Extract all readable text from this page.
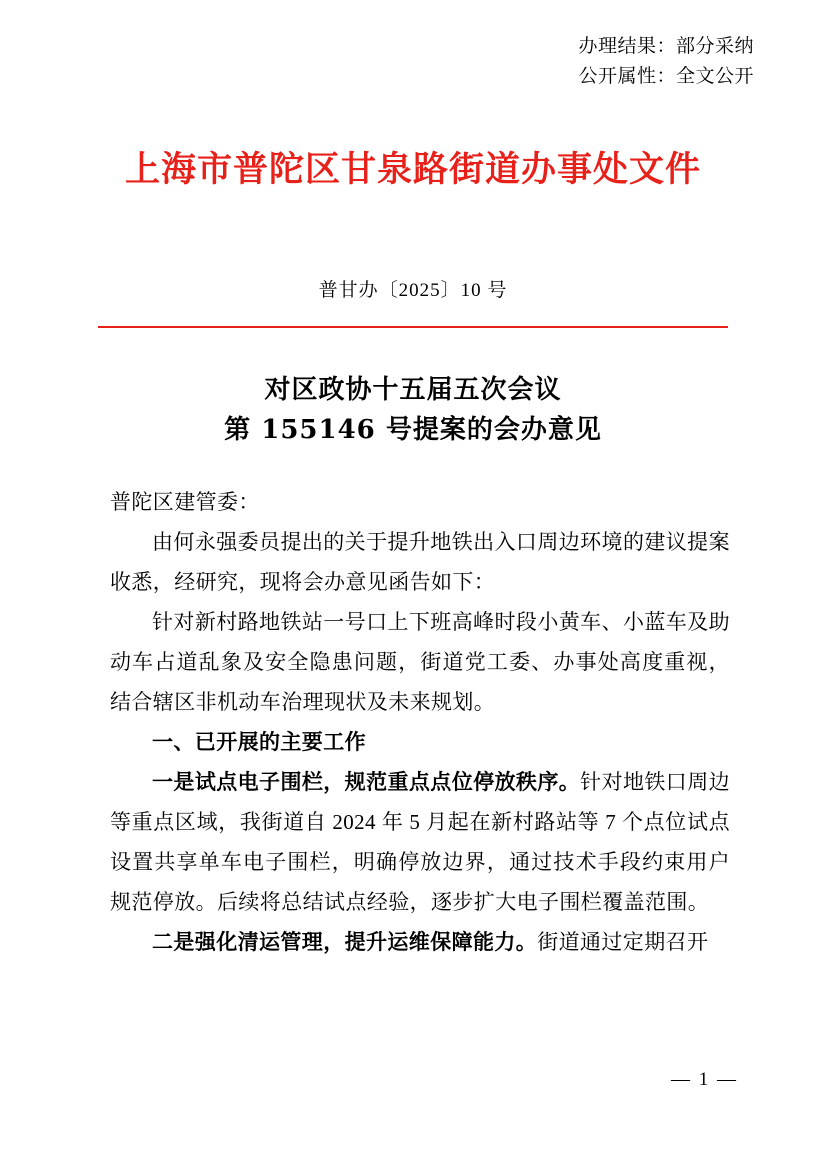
办理结果：部分采纳
公开属性：全文公开
上海市普陀区甘泉路街道办事处文件
普甘办〔2025〕10 号
对区政协十五届五次会议
第 155146 号提案的会办意见

普陀区建管委：

由何永强委员提出的关于提升地铁出入口周边环境的建议提案收悉，经研究，现将会办意见函告如下：

针对新村路地铁站一号口上下班高峰时段小黄车、小蓝车及助动车占道乱象及安全隐患问题，街道党工委、办事处高度重视，结合辖区非机动车治理现状及未来规划。

一、已开展的主要工作

一是试点电子围栏，规范重点点位停放秩序。针对地铁口周边等重点区域，我街道自 2024 年 5 月起在新村路站等 7 个点位试点设置共享单车电子围栏，明确停放边界，通过技术手段约束用户规范停放。后续将总结试点经验，逐步扩大电子围栏覆盖范围。

二是强化清运管理，提升运维保障能力。街道通过定期召开

— 1 —
